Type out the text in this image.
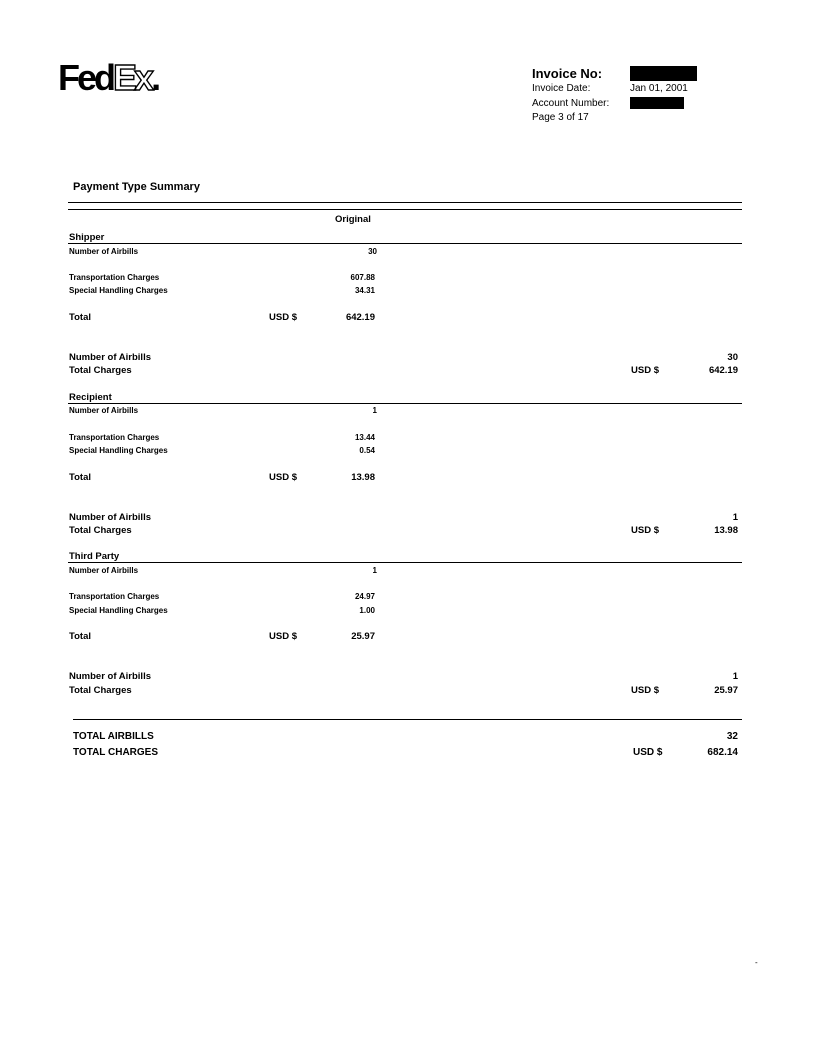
FedEx.	Invoice No:
Invoice Date:	Jan 01, 2001
Account Number:
Page 3 of 17
Payment Type Summary
Original
Shipper
Number of Airbills	30
Transportation Charges	607.88
Special Handling Charges	34.31
Total	USD $	642.19
Number of Airbills	30
Total Charges	USD $	642.19
Recipient
Number of Airbills	1
Transportation Charges	13.44
Special Handling Charges	0.54
Total	USD $	13.98
Number of Airbills	1
Total Charges	USD $	13.98
Third Party
Number of Airbills	1
Transportation Charges	24.97
Special Handling Charges	1.00
Total	USD $	25.97
Number of Airbills	1
Total Charges	USD $	25.97
TOTAL AIRBILLS	32
TOTAL CHARGES	USD $	682.14
-
